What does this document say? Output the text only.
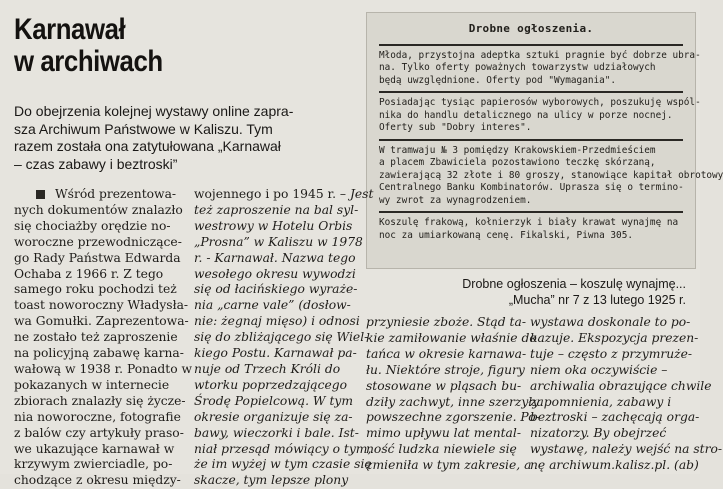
Karnawał
w archiwach
Do obejrzenia kolejnej wystawy online zapra-
sza Archiwum Państwowe w Kaliszu. Tym
razem została ona zatytułowana „Karnawał
– czas zabawy i beztroski”
Drobne ogłoszenia.
Młoda, przystojna adeptka sztuki pragnie być dobrze ubra-
na. Tylko oferty poważnych towarzystw udziałowych
będą uwzględnione. Oferty pod "Wymagania".
Posiadając tysiąc papierosów wyborowych, poszukuję wspól-
nika do handlu detalicznego na ulicy w porze nocnej.
Oferty sub "Dobry interes".
W tramwaju № 3 pomiędzy Krakowskiem-Przedmieściem
a placem Zbawiciela pozostawiono teczkę skórzaną,
zawierającą 32 złote i 80 groszy, stanowiące kapitał obrotowy
Centralnego Banku Kombinatorów. Uprasza się o termino-
wy zwrot za wynagrodzeniem.
Koszulę frakową, kołnierzyk i biały krawat wynajmę na
noc za umiarkowaną cenę. Fikalski, Piwna 305.
Drobne ogłoszenia – koszulę wynajmę...
„Mucha” nr 7 z 13 lutego 1925 r.
Wśród prezentowa-
nych dokumentów znalazło
się chociażby orędzie no-
woroczne przewodniczące-
go Rady Państwa Edwarda
Ochaba z 1966 r. Z tego
samego roku pochodzi też
toast noworoczny Władysła-
wa Gomułki. Zaprezentowa-
ne zostało też zaproszenie
na policyjną zabawę karna-
wałową w 1938 r. Ponadto w
pokazanych w internecie
zbiorach znalazły się życze-
nia noworoczne, fotografie
z balów czy artykuły praso-
we ukazujące karnawał w
krzywym zwierciadle, po-
chodzące z okresu między-
wojennego i po 1945 r. – Jest
też zaproszenie na bal syl-
westrowy w Hotelu Orbis
„Prosna” w Kaliszu w 1978
r. - Karnawał. Nazwa tego
wesołego okresu wywodzi
się od łacińskiego wyraże-
nia „carne vale” (dosłow-
nie: żegnaj mięso) i odnosi
się do zbliżającego się Wiel-
kiego Postu. Karnawał pa-
nuje od Trzech Króli do
wtorku poprzedzającego
Środę Popielcową. W tym
okresie organizuje się za-
bawy, wieczorki i bale. Ist-
niał przesąd mówiący o tym,
że im wyżej w tym czasie się
skacze, tym lepsze plony
przyniesie zboże. Stąd ta-
kie zamiłowanie właśnie do
tańca w okresie karnawa-
łu. Niektóre stroje, figury
stosowane w pląsach bu-
dziły zachwyt, inne szerzyły
powszechne zgorszenie. Po-
mimo upływu lat mental-
ność ludzka niewiele się
zmieniła w tym zakresie, a
wystawa doskonale to po-
kazuje. Ekspozycja prezen-
tuje – często z przymruże-
niem oka oczywiście –
archiwalia obrazujące chwile
zapomnienia, zabawy i
beztroski – zachęcają orga-
nizatorzy. By obejrzeć
wystawę, należy wejść na stro-
nę archiwum.kalisz.pl. (ab)
